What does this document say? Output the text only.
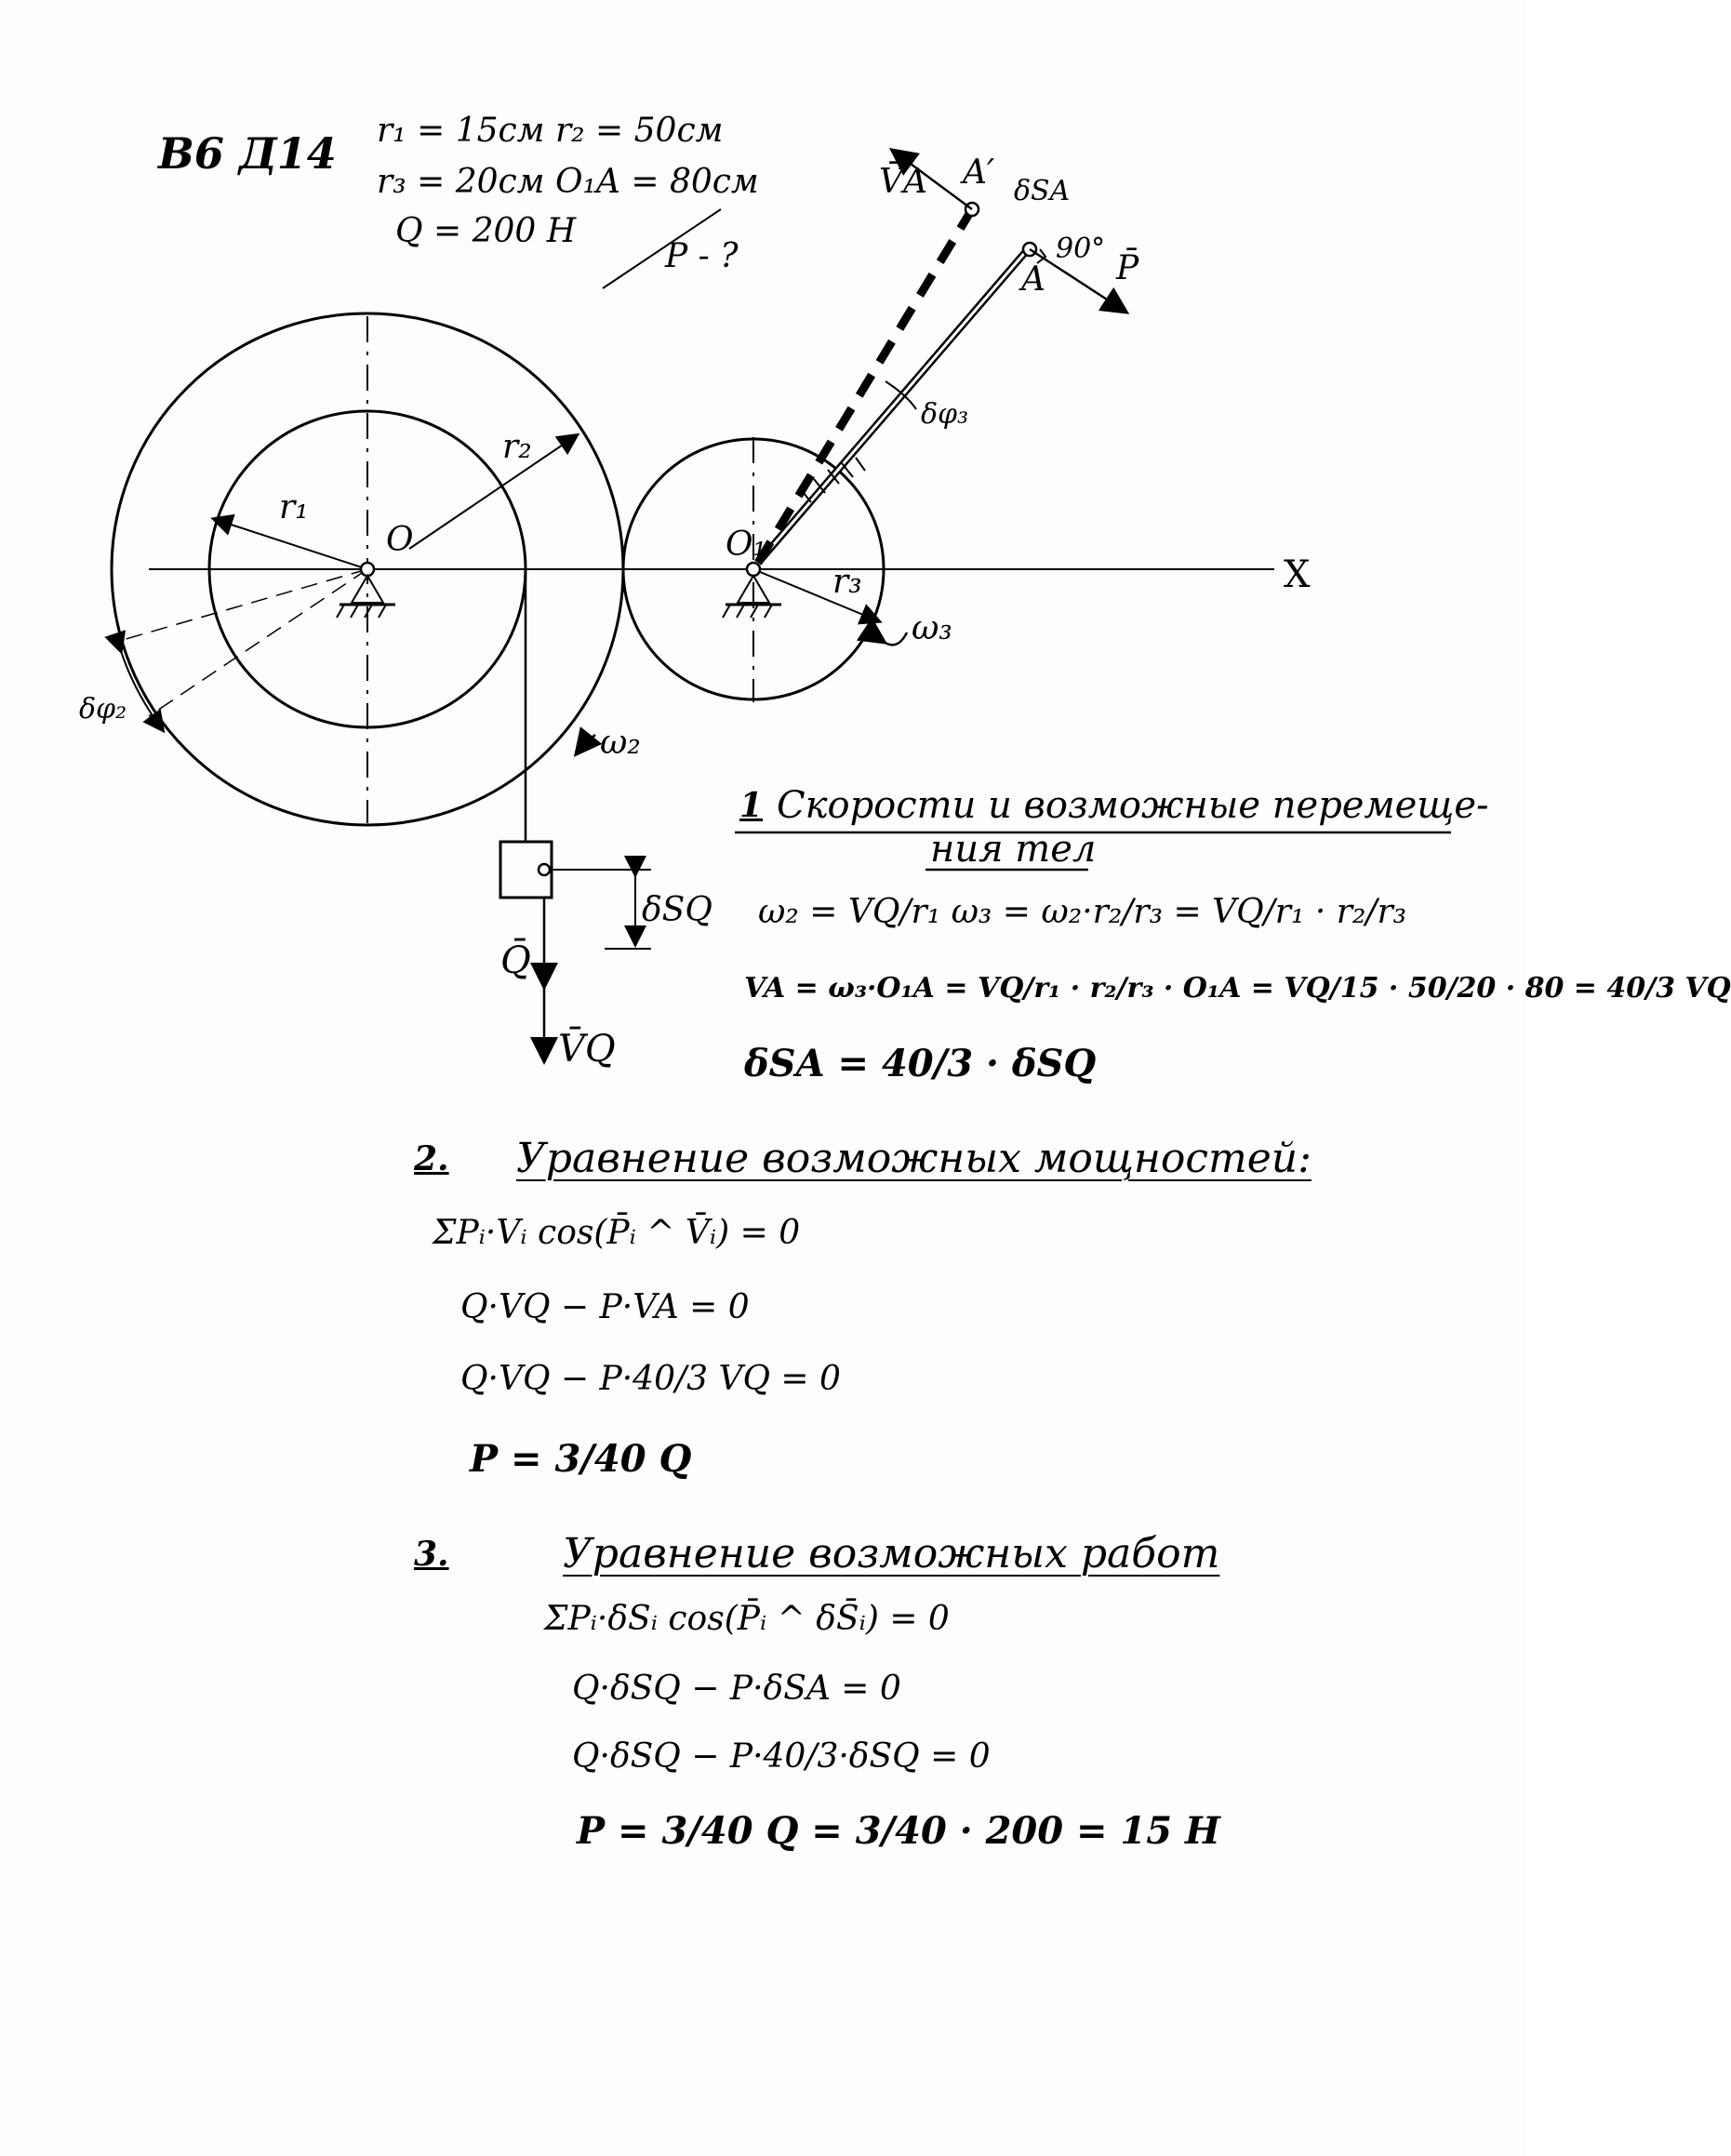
В6 Д14 r₁ = 15см r₂ = 50см
r₃ = 20см O₁A = 80см
Q = 200 Н
P - ?
r₁
r₂
r₃
O	O₁
A
A′
V̄A	δSA
90°
P̄
δφ₃
δφ₂
ω₂
ω₃
X
δSQ
Q̄
V̄Q
1 Скорости и возможные перемеще-
ния тел
ω₂ = VQ/r₁ ω₃ = ω₂·r₂/r₃ = VQ/r₁ · r₂/r₃
VA = ω₃·O₁A = VQ/r₁ · r₂/r₃ · O₁A = VQ/15 · 50/20 · 80 = 40/3 VQ
δSA = 40/3 · δSQ
2. Уравнение возможных мощностей:
ΣPᵢ·Vᵢ cos(P̄ᵢ ^ V̄ᵢ) = 0
Q·VQ − P·VA = 0
Q·VQ − P·40/3 VQ = 0
P = 3/40 Q
3.	Уравнение возможных работ
ΣPᵢ·δSᵢ cos(P̄ᵢ ^ δS̄ᵢ) = 0
Q·δSQ − P·δSA = 0
Q·δSQ − P·40/3·δSQ = 0
P = 3/40 Q = 3/40 · 200 = 15 Н
